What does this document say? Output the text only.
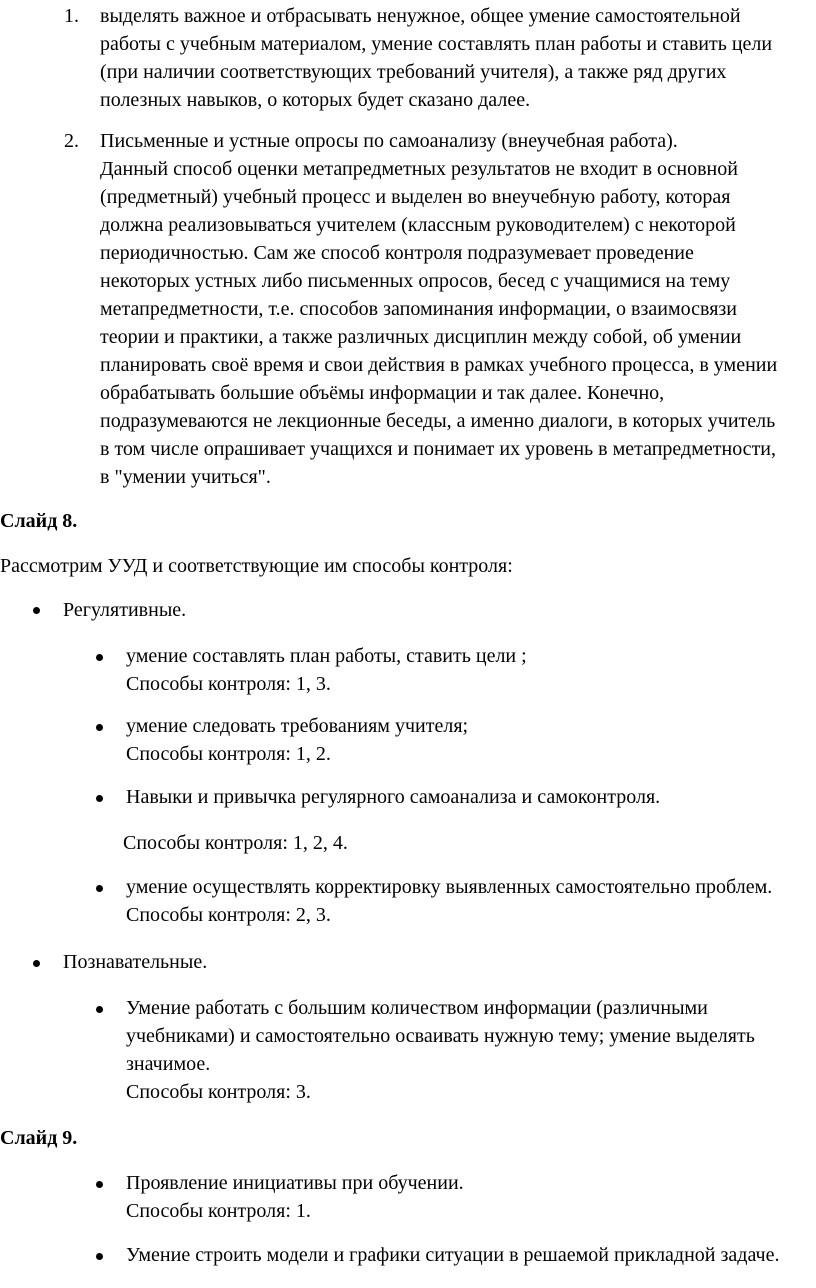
1. выделять важное и отбрасывать ненужное, общее умение самостоятельной
работы с учебным материалом, умение составлять план работы и ставить цели
(при наличии соответствующих требований учителя), а также ряд других
полезных навыков, о которых будет сказано далее.
2. Письменные и устные опросы по самоанализу (внеучебная работа).
Данный способ оценки метапредметных результатов не входит в основной
(предметный) учебный процесс и выделен во внеучебную работу, которая
должна реализовываться учителем (классным руководителем) с некоторой
периодичностью. Сам же способ контроля подразумевает проведение
некоторых устных либо письменных опросов, бесед с учащимися на тему
метапредметности, т.е. способов запоминания информации, о взаимосвязи
теории и практики, а также различных дисциплин между собой, об умении
планировать своё время и свои действия в рамках учебного процесса, в умении
обрабатывать большие объёмы информации и так далее. Конечно,
подразумеваются не лекционные беседы, а именно диалоги, в которых учитель
в том числе опрашивает учащихся и понимает их уровень в метапредметности,
в "умении учиться".
Слайд 8.
Рассмотрим УУД и соответствующие им способы контроля:
Регулятивные.
умение составлять план работы, ставить цели ;
Способы контроля: 1, 3.
умение следовать требованиям учителя;
Способы контроля: 1, 2.
Навыки и привычка регулярного самоанализа и самоконтроля.
Способы контроля: 1, 2, 4.
умение осуществлять корректировку выявленных самостоятельно проблем.
Способы контроля: 2, 3.
Познавательные.
Умение работать с большим количеством информации (различными
учебниками) и самостоятельно осваивать нужную тему; умение выделять
значимое.
Способы контроля: 3.
Слайд 9.
Проявление инициативы при обучении.
Способы контроля: 1.
Умение строить модели и графики ситуации в решаемой прикладной задаче.
